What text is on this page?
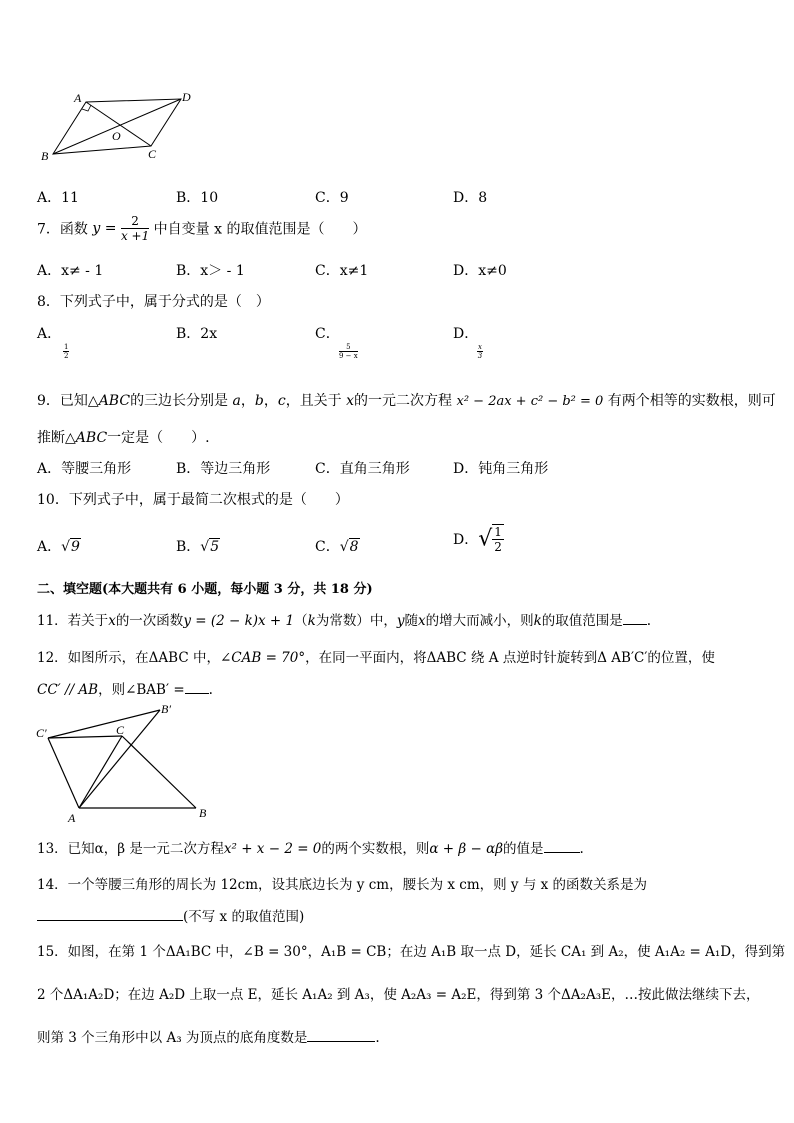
A	D
O
B	C
A．11	B．10	C．9	D．8
7．函数 $y = \frac{2}{x +1}$ 中自变量 x 的取值范围是（　　）
A．x≠ - 1	B．x＞ - 1	C．x≠1	D．x≠0
8．下列式子中，属于分式的是（　）
A．

$\frac{1}{2}$
B．2x	C．

$\frac{5}{9 - x}$
D．

$\frac{x}{3}$
9．已知△ABC的三边长分别是 a，b，c，且关于 x的一元二次方程 x² − 2ax + c² − b² = 0 有两个相等的实数根，则可
推断△ABC一定是（　　）.
A．等腰三角形	B．等边三角形	C．直角三角形	D．钝角三角形
10．下列式子中，属于最简二次根式的是（　　）
A．√9	B．√5	C．√8	D．√ $\frac{1}{2}$
二、填空题(本大题共有 6 小题，每小题 3 分，共 18 分)
11．若关于x的一次函数y = (2 − k)x + 1（k为常数）中，y随x的增大而减小，则k的取值范围是 .
12．如图所示，在ΔABC 中，∠CAB = 70°，在同一平面内，将ΔABC 绕 A 点逆时针旋转到Δ AB′C′的位置，使
CC′ // AB，则∠BAB′ = .
B′
C′	C
A	B
13．已知α，β 是一元二次方程x² + x − 2 = 0的两个实数根，则α + β − αβ的值是	.
14．一个等腰三角形的周长为 12cm，设其底边长为 y cm，腰长为 x cm，则 y 与 x 的函数关系是为
(不写 x 的取值范围)
15．如图，在第 1 个ΔA₁BC 中，∠B = 30°，A₁B = CB；在边 A₁B 取一点 D，延长 CA₁ 到 A₂，使 A₁A₂ = A₁D，得到第
2 个ΔA₁A₂D；在边 A₂D 上取一点 E，延长 A₁A₂ 到 A₃，使 A₂A₃ = A₂E，得到第 3 个ΔA₂A₃E，…按此做法继续下去，
则第 3 个三角形中以 A₃ 为顶点的底角度数是	.
